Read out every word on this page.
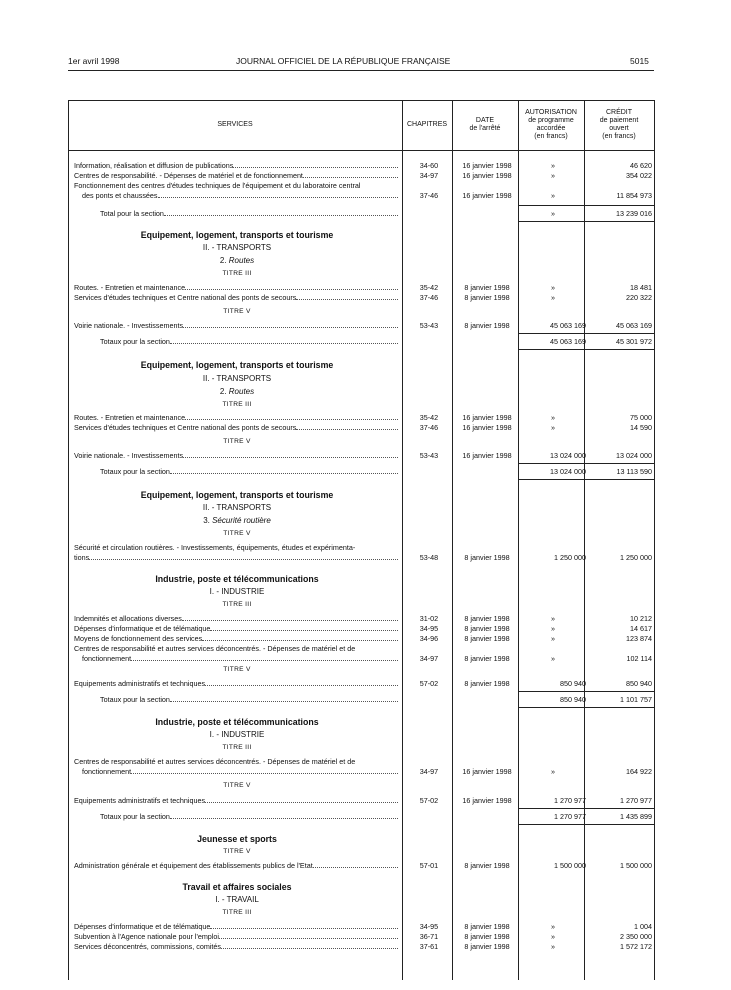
1er avril 1998	JOURNAL OFFICIEL DE LA RÉPUBLIQUE FRANÇAISE	5015
SERVICES	CHAPITRES
DATE
de l'arrêté
AUTORISATION
de programme
accordée
(en francs)
CRÉDIT
de paiement
ouvert
(en francs)
Information, réalisation et diffusion de publications	34-60	16 janvier 1998	»	46 620
Centres de responsabilité. - Dépenses de matériel et de fonctionnement	34-97	16 janvier 1998	»	354 022
Fonctionnement des centres d'études techniques de l'équipement et du laboratoire central
des ponts et chaussées	37-46	16 janvier 1998	»	11 854 973
Total pour la section	»	13 239 016
Equipement, logement, transports et tourisme
II. - TRANSPORTS
2. Routes
TITRE III
Routes. - Entretien et maintenance	35-42	8 janvier 1998	»	18 481
Services d'études techniques et Centre national des ponts de secours	37-46	8 janvier 1998	»	220 322
TITRE V
Voirie nationale. - Investissements	53-43	8 janvier 1998	45 063 169	45 063 169
Totaux pour la section	45 063 169	45 301 972
Equipement, logement, transports et tourisme
II. - TRANSPORTS
2. Routes
TITRE III
Routes. - Entretien et maintenance	35-42	16 janvier 1998	»	75 000
Services d'études techniques et Centre national des ponts de secours	37-46	16 janvier 1998	»	14 590
TITRE V
Voirie nationale. - Investissements	53-43	16 janvier 1998	13 024 000	13 024 000
Totaux pour la section	13 024 000	13 113 590
Equipement, logement, transports et tourisme
II. - TRANSPORTS
3. Sécurité routière
TITRE V
Sécurité et circulation routières. - Investissements, équipements, études et expérimenta-
tions	53-48	8 janvier 1998	1 250 000	1 250 000
Industrie, poste et télécommunications
I. - INDUSTRIE
TITRE III
Indemnités et allocations diverses	31-02	8 janvier 1998	»	10 212
Dépenses d'informatique et de télématique	34-95	8 janvier 1998	»	14 617
Moyens de fonctionnement des services	34-96	8 janvier 1998	»	123 874
Centres de responsabilité et autres services déconcentrés. - Dépenses de matériel et de
fonctionnement	34-97	8 janvier 1998	»	102 114
TITRE V
Equipements administratifs et techniques	57-02	8 janvier 1998	850 940	850 940
Totaux pour la section	850 940	1 101 757
Industrie, poste et télécommunications
I. - INDUSTRIE
TITRE III
Centres de responsabilité et autres services déconcentrés. - Dépenses de matériel et de
fonctionnement	34-97	16 janvier 1998	»	164 922
TITRE V
Equipements administratifs et techniques	57-02	16 janvier 1998	1 270 977	1 270 977
Totaux pour la section	1 270 977	1 435 899
Jeunesse et sports
TITRE V
Administration générale et équipement des établissements publics de l'Etat	57-01	8 janvier 1998	1 500 000	1 500 000
Travail et affaires sociales
I. - TRAVAIL
TITRE III
Dépenses d'informatique et de télématique	34-95	8 janvier 1998	»	1 004
Subvention à l'Agence nationale pour l'emploi	36-71	8 janvier 1998	»	2 350 000
Services déconcentrés, commissions, comités	37-61	8 janvier 1998	»	1 572 172
